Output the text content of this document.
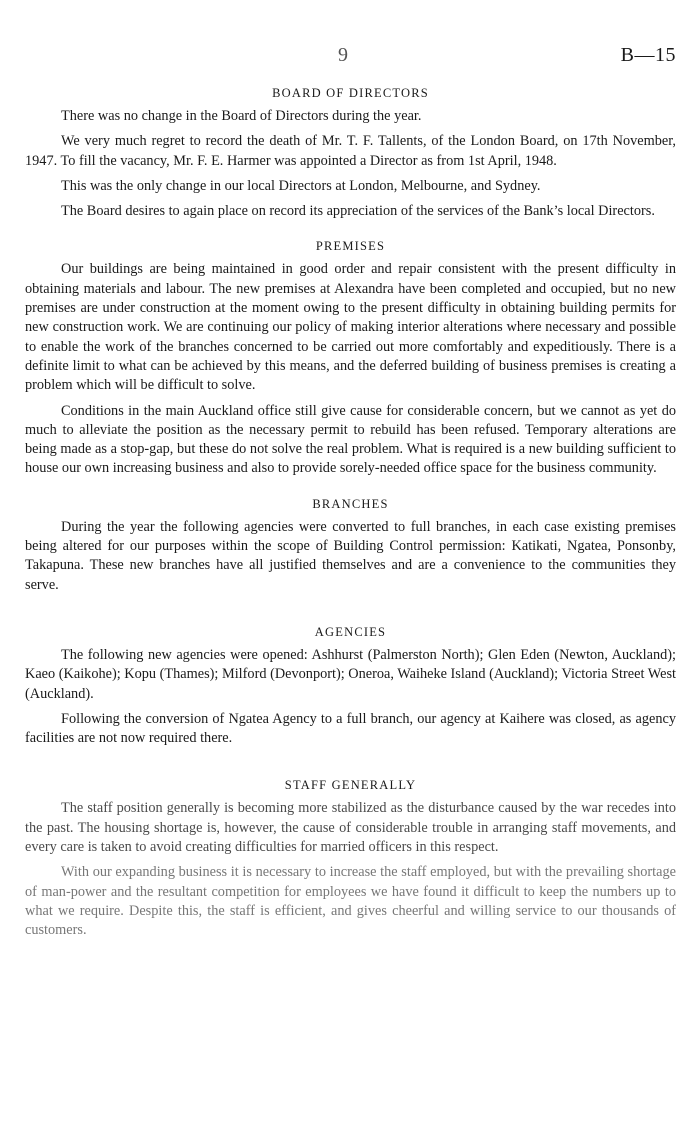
9	B—15
BOARD OF DIRECTORS

There was no change in the Board of Directors during the year.

We very much regret to record the death of Mr. T. F. Tallents, of the London Board, on 17th November, 1947. To fill the vacancy, Mr. F. E. Harmer was appointed a Director as from 1st April, 1948.

This was the only change in our local Directors at London, Melbourne, and Sydney.

The Board desires to again place on record its appreciation of the services of the Bank’s local Directors.

PREMISES

Our buildings are being maintained in good order and repair consistent with the present difficulty in obtaining materials and labour. The new premises at Alexandra have been completed and occupied, but no new premises are under construction at the moment owing to the present difficulty in obtaining building permits for new construction work. We are continuing our policy of making interior alterations where necessary and possible to enable the work of the branches concerned to be carried out more comfortably and expeditiously. There is a definite limit to what can be achieved by this means, and the deferred building of business premises is creating a problem which will be difficult to solve.

Conditions in the main Auckland office still give cause for considerable concern, but we cannot as yet do much to alleviate the position as the necessary permit to rebuild has been refused. Temporary alterations are being made as a stop-gap, but these do not solve the real problem. What is required is a new building sufficient to house our own increasing business and also to provide sorely-needed office space for the business community.

BRANCHES

During the year the following agencies were converted to full branches, in each case existing premises being altered for our purposes within the scope of Building Control permission: Katikati, Ngatea, Ponsonby, Takapuna. These new branches have all justified themselves and are a convenience to the communities they serve.

AGENCIES

The following new agencies were opened: Ashhurst (Palmerston North); Glen Eden (Newton, Auckland); Kaeo (Kaikohe); Kopu (Thames); Milford (Devonport); Oneroa, Waiheke Island (Auckland); Victoria Street West (Auckland).

Following the conversion of Ngatea Agency to a full branch, our agency at Kaihere was closed, as agency facilities are not now required there.

STAFF GENERALLY

The staff position generally is becoming more stabilized as the disturbance caused by the war recedes into the past. The housing shortage is, however, the cause of considerable trouble in arranging staff movements, and every care is taken to avoid creating difficulties for married officers in this respect.

With our expanding business it is necessary to increase the staff employed, but with the prevailing shortage of man-power and the resultant competition for employees we have found it difficult to keep the numbers up to what we require. Despite this, the staff is efficient, and gives cheerful and willing service to our thousands of customers.
